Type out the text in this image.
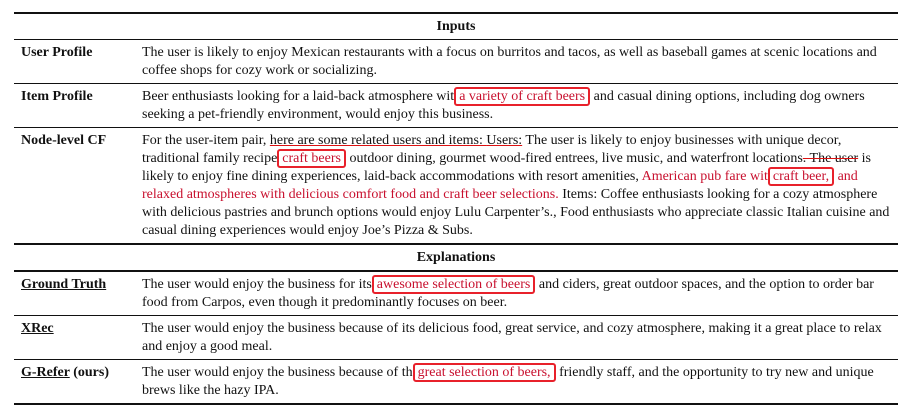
Inputs
User Profile	The user is likely to enjoy Mexican restaurants with a focus on burritos and tacos, as well as baseball games at scenic locations and coffee shops for cozy work or socializing.
Item Profile	Beer enthusiasts looking for a laid-back atmosphere wit a variety of craft beers and casual dining options, including dog owners seeking a pet-friendly environment, would enjoy this business.
Node-level CF	For the user-item pair, here are some related users and items: Users: The user is likely to enjoy businesses with unique decor, traditional family recipe craft beers outdoor dining, gourmet wood-fired entrees, live music, and waterfront locations. The user is likely to enjoy fine dining experiences, laid-back accommodations with resort amenities, American pub fare wit craft beer, and relaxed atmospheres with delicious comfort food and craft beer selections. Items: Coffee enthusiasts looking for a cozy atmosphere with delicious pastries and brunch options would enjoy Lulu Carpenter’s., Food enthusiasts who appreciate classic Italian cuisine and casual dining experiences would enjoy Joe’s Pizza & Subs.
Explanations
Ground Truth	The user would enjoy the business for its awesome selection of beers and ciders, great outdoor spaces, and the option to order bar food from Carpos, even though it predominantly focuses on beer.
XRec	The user would enjoy the business because of its delicious food, great service, and cozy atmosphere, making it a great place to relax and enjoy a good meal.
G-Refer (ours)	The user would enjoy the business because of th great selection of beers, friendly staff, and the opportunity to try new and unique brews like the hazy IPA.
